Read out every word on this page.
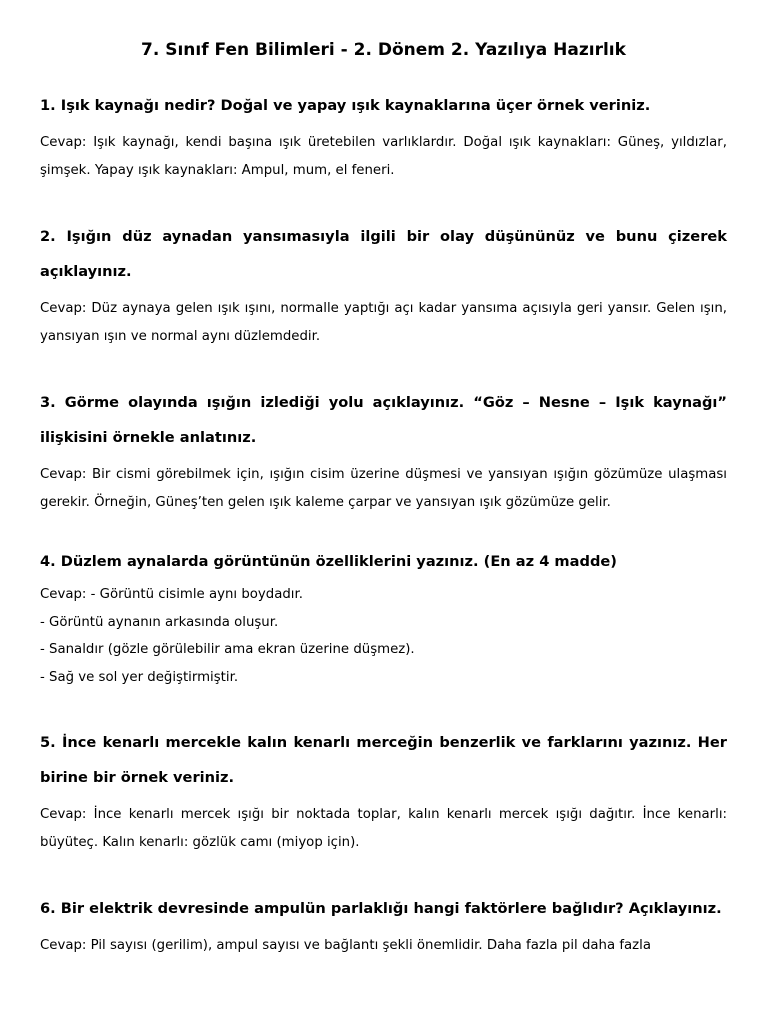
7. Sınıf Fen Bilimleri - 2. Dönem 2. Yazılıya Hazırlık

1. Işık kaynağı nedir? Doğal ve yapay ışık kaynaklarına üçer örnek veriniz.

Cevap: Işık kaynağı, kendi başına ışık üretebilen varlıklardır. Doğal ışık kaynakları: Güneş, yıldızlar, şimşek. Yapay ışık kaynakları: Ampul, mum, el feneri.

2. Işığın düz aynadan yansımasıyla ilgili bir olay düşününüz ve bunu çizerek açıklayınız.

Cevap: Düz aynaya gelen ışık ışını, normalle yaptığı açı kadar yansıma açısıyla geri yansır. Gelen ışın, yansıyan ışın ve normal aynı düzlemdedir.

3. Görme olayında ışığın izlediği yolu açıklayınız. “Göz – Nesne – Işık kaynağı” ilişkisini örnekle anlatınız.

Cevap: Bir cismi görebilmek için, ışığın cisim üzerine düşmesi ve yansıyan ışığın gözümüze ulaşması gerekir. Örneğin, Güneş’ten gelen ışık kaleme çarpar ve yansıyan ışık gözümüze gelir.

4. Düzlem aynalarda görüntünün özelliklerini yazınız. (En az 4 madde)

Cevap: - Görüntü cisimle aynı boydadır.

- Görüntü aynanın arkasında oluşur.

- Sanaldır (gözle görülebilir ama ekran üzerine düşmez).

- Sağ ve sol yer değiştirmiştir.

5. İnce kenarlı mercekle kalın kenarlı merceğin benzerlik ve farklarını yazınız. Her birine bir örnek veriniz.

Cevap: İnce kenarlı mercek ışığı bir noktada toplar, kalın kenarlı mercek ışığı dağıtır. İnce kenarlı: büyüteç. Kalın kenarlı: gözlük camı (miyop için).

6. Bir elektrik devresinde ampulün parlaklığı hangi faktörlere bağlıdır? Açıklayınız.

Cevap: Pil sayısı (gerilim), ampul sayısı ve bağlantı şekli önemlidir. Daha fazla pil daha fazla
